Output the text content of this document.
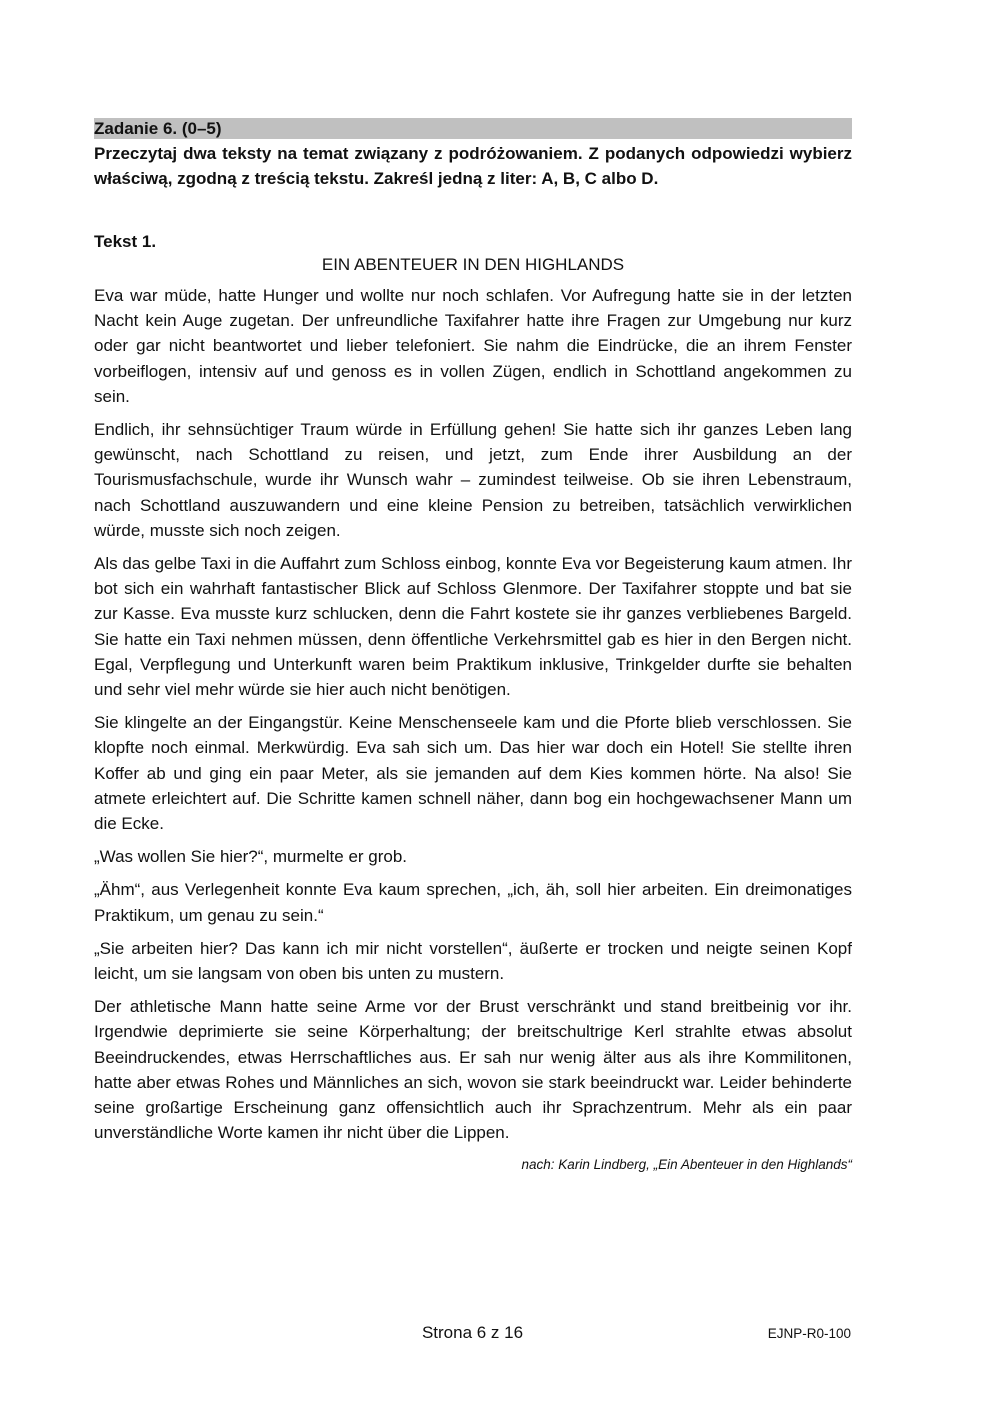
Zadanie 6. (0–5)
Przeczytaj dwa teksty na temat związany z podróżowaniem. Z podanych odpowiedzi wybierz właściwą, zgodną z treścią tekstu. Zakreśl jedną z liter: A, B, C albo D.
Tekst 1.
EIN ABENTEUER IN DEN HIGHLANDS

Eva war müde, hatte Hunger und wollte nur noch schlafen. Vor Aufregung hatte sie in der letzten Nacht kein Auge zugetan. Der unfreundliche Taxifahrer hatte ihre Fragen zur Umgebung nur kurz oder gar nicht beantwortet und lieber telefoniert. Sie nahm die Eindrücke, die an ihrem Fenster vorbeiflogen, intensiv auf und genoss es in vollen Zügen, endlich in Schottland angekommen zu sein.

Endlich, ihr sehnsüchtiger Traum würde in Erfüllung gehen! Sie hatte sich ihr ganzes Leben lang gewünscht, nach Schottland zu reisen, und jetzt, zum Ende ihrer Ausbildung an der Tourismusfachschule, wurde ihr Wunsch wahr – zumindest teilweise. Ob sie ihren Lebenstraum, nach Schottland auszuwandern und eine kleine Pension zu betreiben, tatsächlich verwirklichen würde, musste sich noch zeigen.

Als das gelbe Taxi in die Auffahrt zum Schloss einbog, konnte Eva vor Begeisterung kaum atmen. Ihr bot sich ein wahrhaft fantastischer Blick auf Schloss Glenmore. Der Taxifahrer stoppte und bat sie zur Kasse. Eva musste kurz schlucken, denn die Fahrt kostete sie ihr ganzes verbliebenes Bargeld. Sie hatte ein Taxi nehmen müssen, denn öffentliche Verkehrsmittel gab es hier in den Bergen nicht. Egal, Verpflegung und Unterkunft waren beim Praktikum inklusive, Trinkgelder durfte sie behalten und sehr viel mehr würde sie hier auch nicht benötigen.

Sie klingelte an der Eingangstür. Keine Menschenseele kam und die Pforte blieb verschlossen. Sie klopfte noch einmal. Merkwürdig. Eva sah sich um. Das hier war doch ein Hotel! Sie stellte ihren Koffer ab und ging ein paar Meter, als sie jemanden auf dem Kies kommen hörte. Na also! Sie atmete erleichtert auf. Die Schritte kamen schnell näher, dann bog ein hochgewachsener Mann um die Ecke.

„Was wollen Sie hier?“, murmelte er grob.

„Ähm“, aus Verlegenheit konnte Eva kaum sprechen, „ich, äh, soll hier arbeiten. Ein dreimonatiges Praktikum, um genau zu sein.“

„Sie arbeiten hier? Das kann ich mir nicht vorstellen“, äußerte er trocken und neigte seinen Kopf leicht, um sie langsam von oben bis unten zu mustern.

Der athletische Mann hatte seine Arme vor der Brust verschränkt und stand breitbeinig vor ihr. Irgendwie deprimierte sie seine Körperhaltung; der breitschultrige Kerl strahlte etwas absolut Beeindruckendes, etwas Herrschaftliches aus. Er sah nur wenig älter aus als ihre Kommilitonen, hatte aber etwas Rohes und Männliches an sich, wovon sie stark beeindruckt war. Leider behinderte seine großartige Erscheinung ganz offensichtlich auch ihr Sprachzentrum. Mehr als ein paar unverständliche Worte kamen ihr nicht über die Lippen.

nach: Karin Lindberg, „Ein Abenteuer in den Highlands“
Strona 6 z 16	EJNP-R0-100
